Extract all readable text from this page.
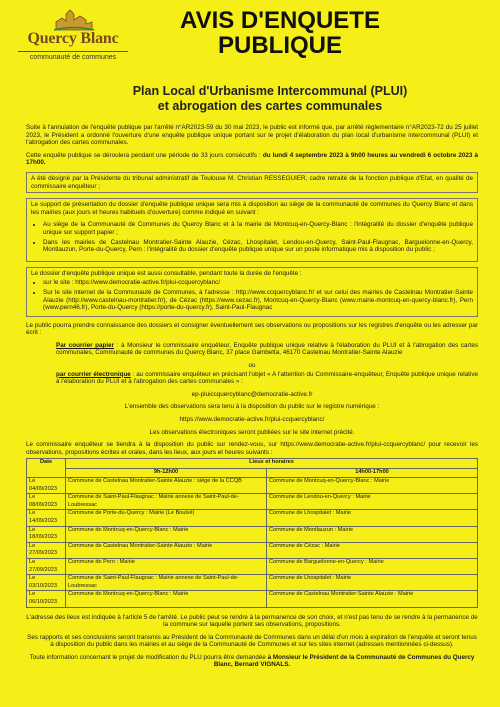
Quercy Blanc
communauté de communes
AVIS D'ENQUETE
PUBLIQUE
Plan Local d'Urbanisme Intercommunal (PLUI)
et abrogation des cartes communales

Suite à l'annulation de l'enquête publique par l'arrêté n°AR2023-59 du 30 mai 2023, le public est informé que, par arrêté réglementaire n°AR2023-72 du 25 juillet 2023, le Président a ordonné l'ouverture d'une enquête publique unique portant sur le projet d'élaboration du plan local d'urbanisme intercommunal (PLUI) et l'abrogation des cartes communales.

Cette enquête publique se déroulera pendant une période de 33 jours consécutifs : du lundi 4 septembre 2023 à 9h00 heures au vendredi 6 octobre 2023 à 17h00.

A été désigné par la Présidente du tribunal administratif de Toulouse M. Christian RESSEGUIER, cadre retraité de la fonction publique d'Etat, en qualité de commissaire enquêteur ;

Le support de présentation du dossier d'enquête publique unique sera mis à disposition au siège de la communauté de communes du Quercy Blanc et dans les mairies (aux jours et heures habituels d'ouverture) comme indiqué en suivant :

• Au siège de la Communauté de Communes du Quercy Blanc et à la mairie de Montcuq-en-Quercy-Blanc : l'intégralité du dossier d'enquête publique unique sur support papier ;
• Dans les mairies de Castelnau Montratier-Sainte Alauzie, Cézac, Lhospitalet, Lendou-en-Quercy, Saint-Paul-Flaugnac, Barguelonne-en-Quercy, Montlauzun, Porte-du-Quercy, Pern : l'intégralité du dossier d'enquête publique unique sur un poste informatique mis à disposition du public ;

Le dossier d'enquête publique unique est aussi consultable, pendant toute la durée de l'enquête :

• sur le site : https://www.democratie-active.fr/plui-ccquercyblanc/
• Sur le site internet de la Communauté de Communes, à l'adresse : http://www.ccquercyblanc.fr/ et sur celui des mairies de Castelnau Montratier-Sainte Alauzie (http://www.castelnau-montratier.fr/), de Cézac (https://www.cezac.fr), Montcuq-en-Quercy-Blanc (www.mairie-montcuq-en-quercy-blanc.fr), Pern (www.pern46.fr), Porte-du-Quercy (https://porte-du-quercy.fr), Saint-Paul-Flaugnac

Le public pourra prendre connaissance des dossiers et consigner éventuellement ses observations ou propositions sur les registres d'enquête ou les adresser par écrit :

Par courrier papier : à Monsieur le commissaire enquêteur, Enquête publique unique relative à l'élaboration du PLUI et à l'abrogation des cartes communales, Communauté de communes du Quercy Blanc, 37 place Gambetta, 46170 Castelnau Montratier-Sainte Alauzie

ou

par courrier électronique : au commissaire enquêteur en précisant l'objet « A l'attention du Commissaire-enquêteur, Enquête publique unique relative à l'élaboration du PLUI et à l'abrogation des cartes communales » :

ep-pluiccquercyblanc@democratie-active.fr

L'ensemble des observations sera tenu à la disposition du public sur le registre numérique :

https://www.democratie-active.fr/plui-ccquercyblanc/

Les observations électroniques seront publiées sur le site internet précité.

Le commissaire enquêteur se tiendra à la disposition du public sur rendez-vous, sur https://www.democratie-active.fr/plui-ccquercyblanc/ pour recevoir les observations, propositions écrites et orales, dans les lieux, aux jours et heures suivants :

Date	Lieux et horaires	
	9h-12h00	14h00-17h00
Le 04/09/2023	Commune de Castelnau Montratier-Sainte Alauzie : siège de la CCQB	Commune de Montcuq-en-Quercy-Blanc : Mairie
Le 08/09/2023	Commune de Saint-Paul-Flaugnac : Mairie annexe de Saint-Paul-de-Loubressac	Commune de Lendou-en-Quercy : Mairie
Le 14/09/2023	Commune de Porte-du-Quercy : Mairie (Le Boulvé)	Commune de Lhospitalet : Mairie
Le 18/09/2023	Commune de Montcuq-en-Quercy-Blanc : Mairie	Commune de Montlauzun : Mairie
Le 27/09/2023	Commune de Castelnau Montratier-Sainte Alauzie : Mairie	Commune de Cézac : Mairie
Le 27/09/2023	Commune de Pern : Mairie	Commune de Barguelonne-en-Quercy : Mairie
Le 03/10/2023	Commune de Saint-Paul-Flaugnac : Mairie annexe de Saint-Paul-de-Loubressac	Commune de Lhospitalet : Mairie
Le 06/10/2023	Commune de Montcuq-en-Quercy-Blanc : Mairie	Commune de Castelnau Montratier-Sainte Alauzie : Mairie

L'adresse des lieux est indiquée à l'article 5 de l'arrêté. Le public peut se rendre à la permanence de son choix, et n'est pas tenu de se rendre à la permanence de la commune sur laquelle portent ses observations, propositions.

Ses rapports et ses conclusions seront transmis au Président de la Communauté de Communes dans un délai d'un mois à expiration de l'enquête et seront tenus à disposition du public dans les mairies et au siège de la Communauté de Communes et sur les sites internet (adresses mentionnées ci-dessus).

Toute information concernant le projet de modification du PLU pourra être demandée à Monsieur le Président de la Communauté de Communes du Quercy Blanc, Bernard VIGNALS.
